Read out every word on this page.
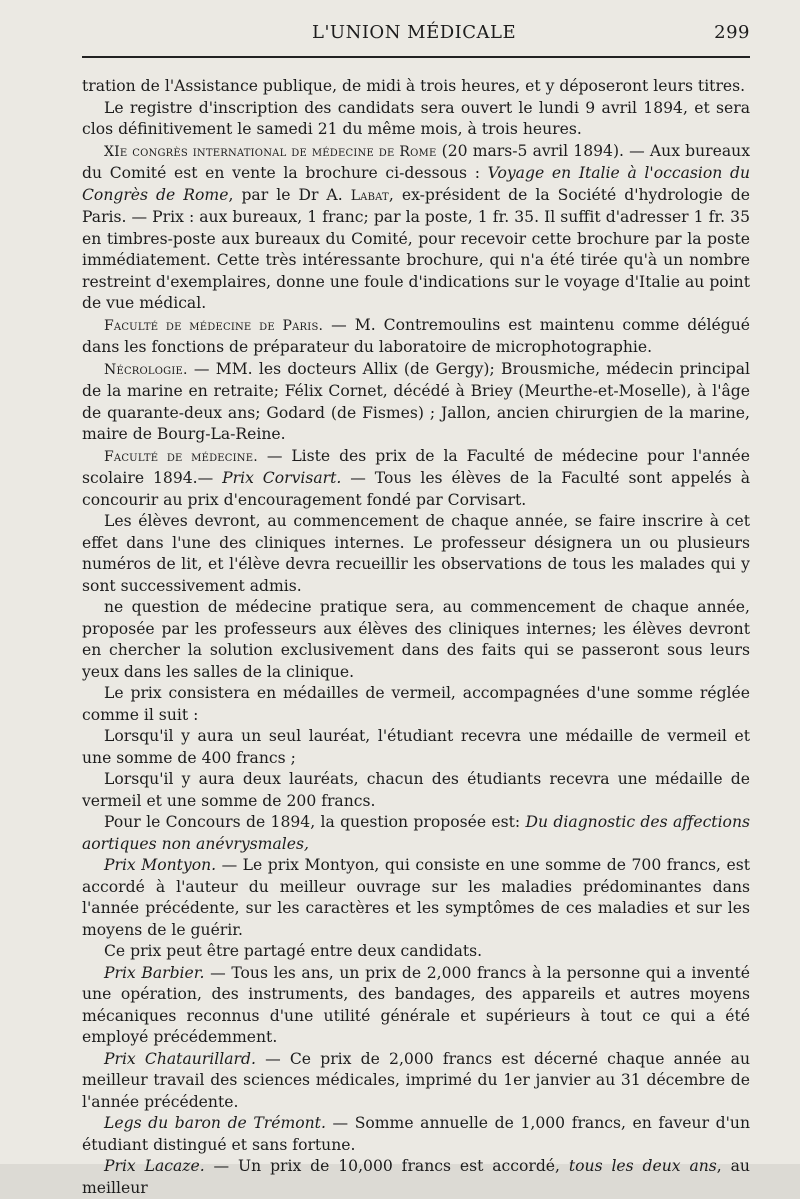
L'UNION MÉDICALE	299

tration de l'Assistance publique, de midi à trois heures, et y déposeront leurs titres.

Le registre d'inscription des candidats sera ouvert le lundi 9 avril 1894, et sera clos définitivement le samedi 21 du même mois, à trois heures.

XIe congrès international de médecine de Rome (20 mars-5 avril 1894). — Aux bureaux du Comité est en vente la brochure ci-dessous : Voyage en Italie à l'occasion du Congrès de Rome, par le Dr A. Labat, ex-président de la Société d'hydrologie de Paris. — Prix : aux bureaux, 1 franc; par la poste, 1 fr. 35. Il suffit d'adresser 1 fr. 35 en timbres-poste aux bureaux du Comité, pour recevoir cette brochure par la poste immédiatement. Cette très intéressante brochure, qui n'a été tirée qu'à un nombre restreint d'exemplaires, donne une foule d'indications sur le voyage d'Italie au point de vue médical.

Faculté de médecine de Paris. — M. Contremoulins est maintenu comme délégué dans les fonctions de préparateur du laboratoire de microphotographie.

Nécrologie. — MM. les docteurs Allix (de Gergy); Brousmiche, médecin principal de la marine en retraite; Félix Cornet, décédé à Briey (Meurthe-et-Moselle), à l'âge de quarante-deux ans; Godard (de Fismes) ; Jallon, ancien chirurgien de la marine, maire de Bourg-La-Reine.

Faculté de médecine. — Liste des prix de la Faculté de médecine pour l'année scolaire 1894.— Prix Corvisart. — Tous les élèves de la Faculté sont appelés à concourir au prix d'encouragement fondé par Corvisart.

Les élèves devront, au commencement de chaque année, se faire inscrire à cet effet dans l'une des cliniques internes. Le professeur désignera un ou plusieurs numéros de lit, et l'élève devra recueillir les observations de tous les malades qui y sont successivement admis.

ne question de médecine pratique sera, au commencement de chaque année, proposée par les professeurs aux élèves des cliniques internes; les élèves devront en chercher la solution exclusivement dans des faits qui se passeront sous leurs yeux dans les salles de la clinique.

Le prix consistera en médailles de vermeil, accompagnées d'une somme réglée comme il suit :

Lorsqu'il y aura un seul lauréat, l'étudiant recevra une médaille de vermeil et une somme de 400 francs ;

Lorsqu'il y aura deux lauréats, chacun des étudiants recevra une médaille de vermeil et une somme de 200 francs.

Pour le Concours de 1894, la question proposée est: Du diagnostic des affections aortiques non anévrysmales,

Prix Montyon. — Le prix Montyon, qui consiste en une somme de 700 francs, est accordé à l'auteur du meilleur ouvrage sur les maladies prédominantes dans l'année précédente, sur les caractères et les symptômes de ces maladies et sur les moyens de le guérir.

Ce prix peut être partagé entre deux candidats.

Prix Barbier. — Tous les ans, un prix de 2,000 francs à la personne qui a inventé une opération, des instruments, des bandages, des appareils et autres moyens mécaniques reconnus d'une utilité générale et supérieurs à tout ce qui a été employé précédemment.

Prix Chataurillard. — Ce prix de 2,000 francs est décerné chaque année au meilleur travail des sciences médicales, imprimé du 1er janvier au 31 décembre de l'année précédente.

Legs du baron de Trémont. — Somme annuelle de 1,000 francs, en faveur d'un étudiant distingué et sans fortune.

Prix Lacaze. — Un prix de 10,000 francs est accordé, tous les deux ans, au meilleur
